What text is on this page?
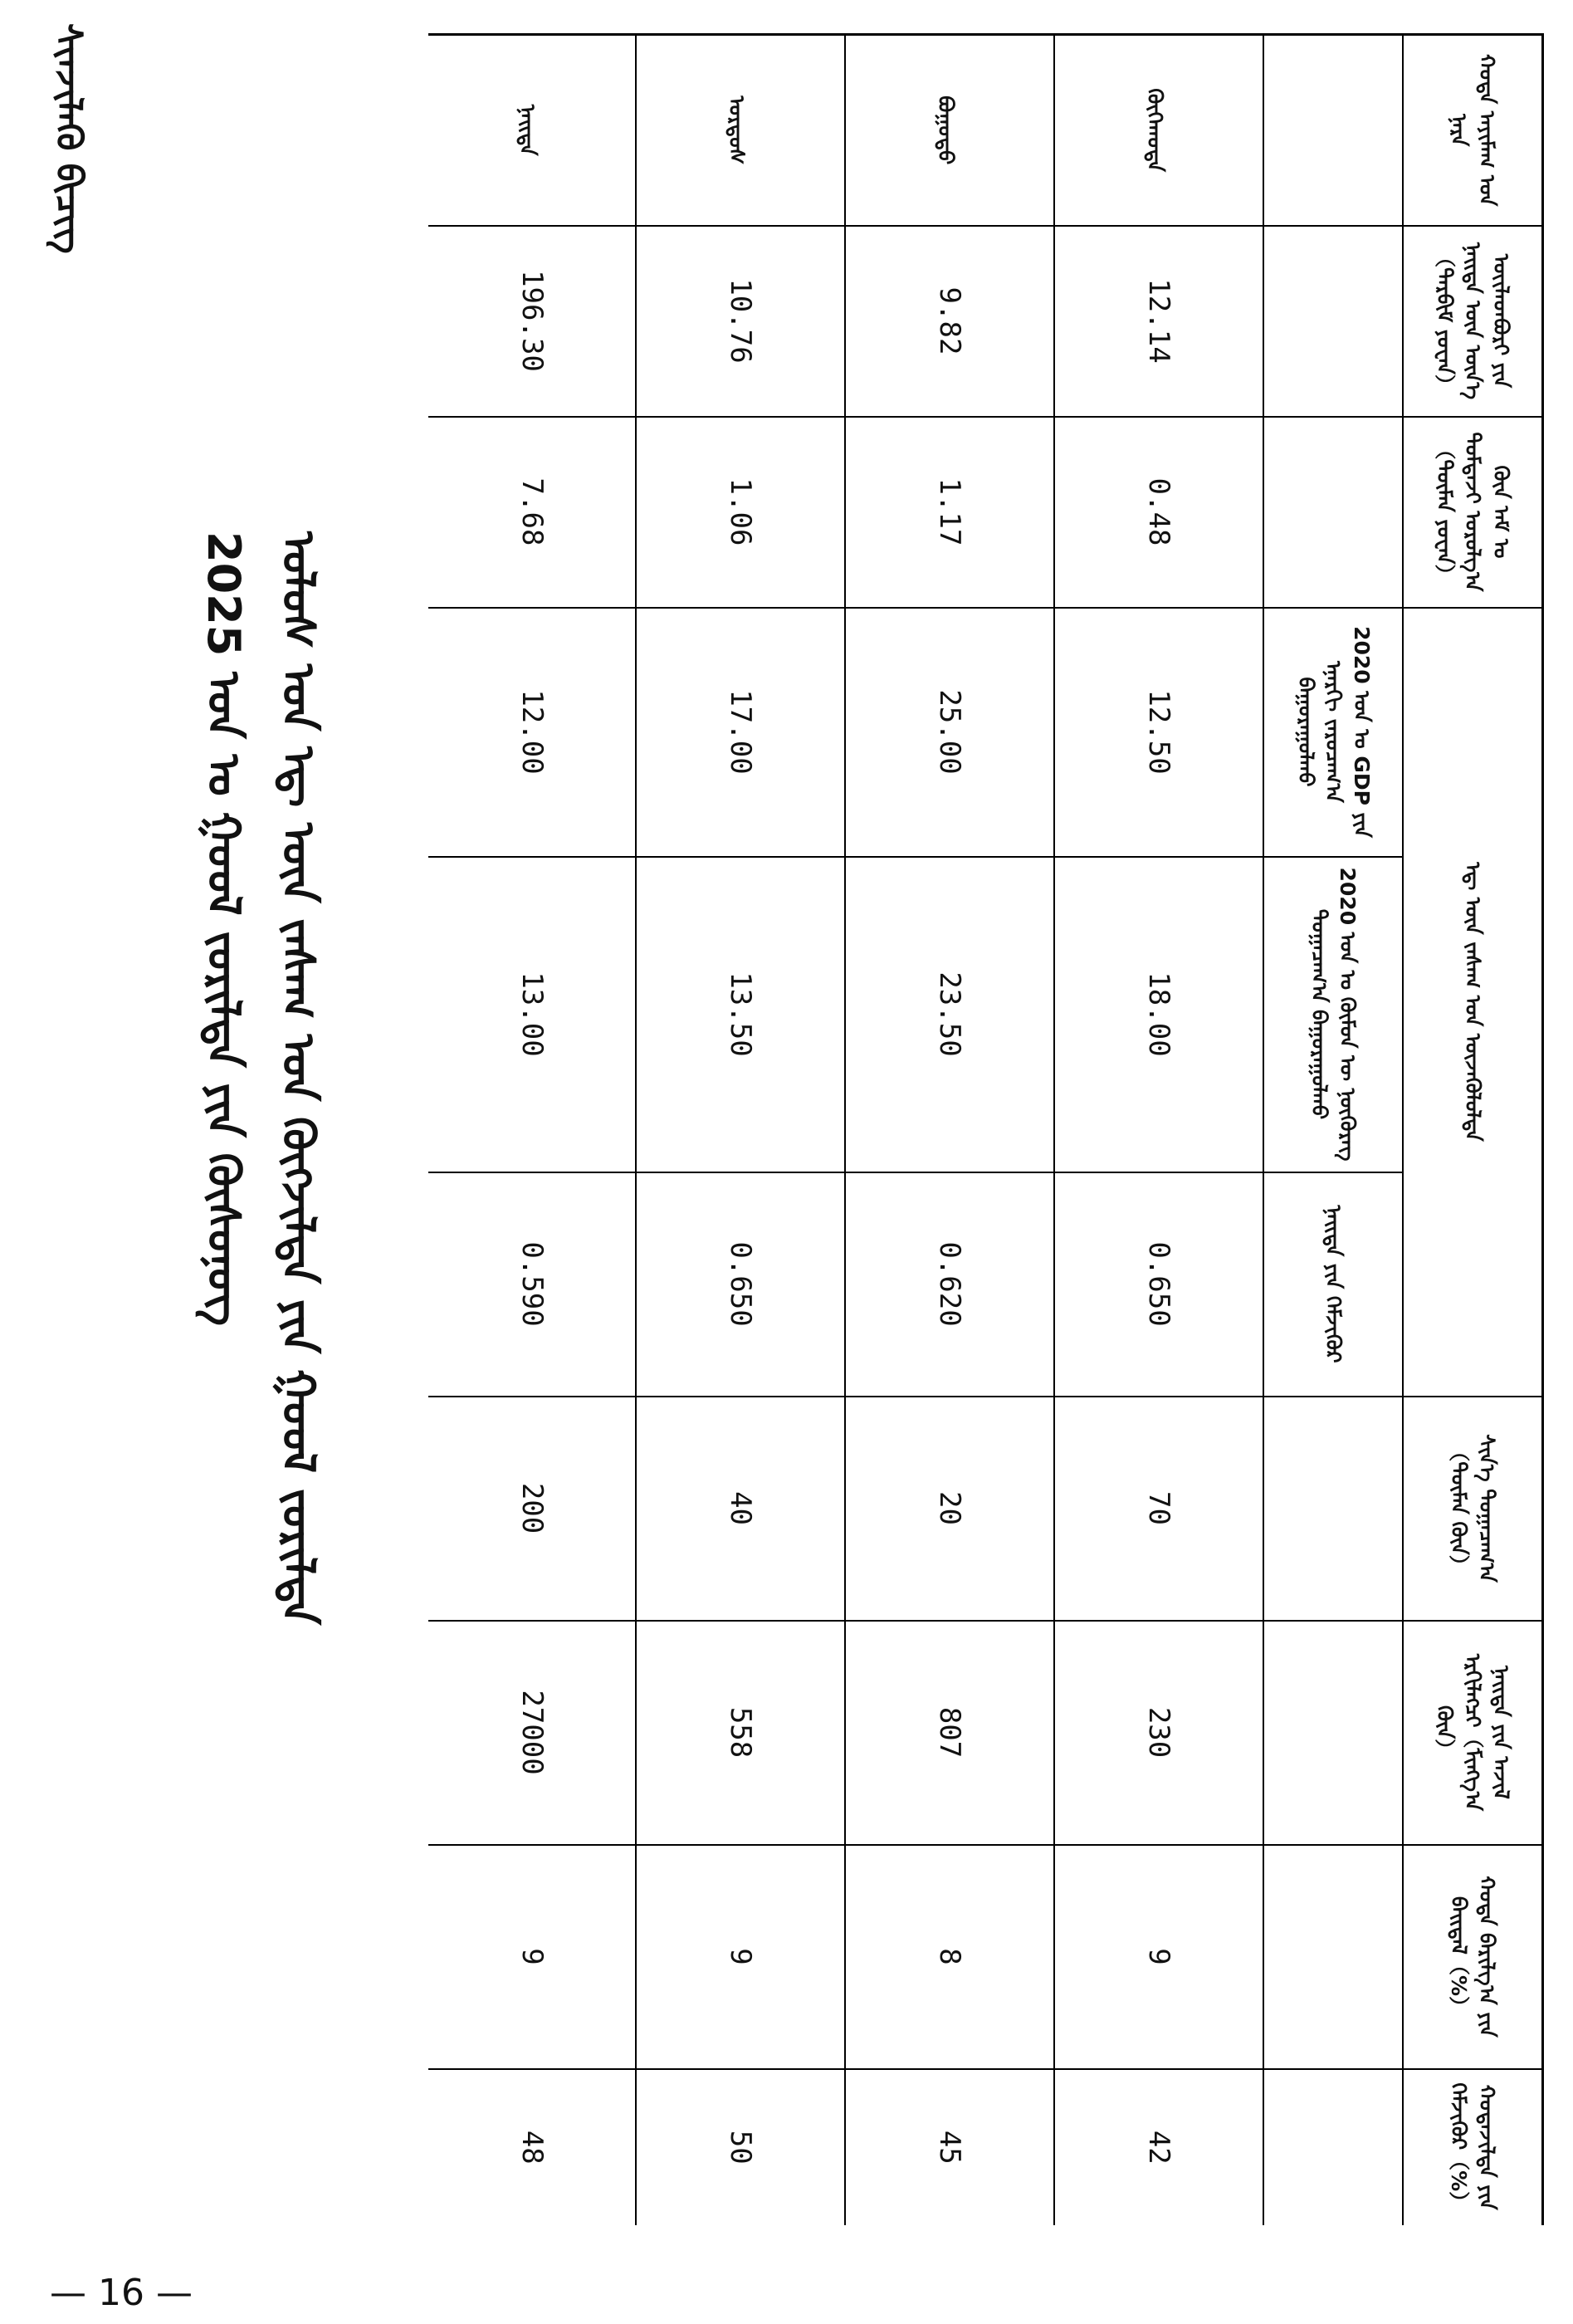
ᠰᠢᠨᠵᠢᠯᠡᠬᠦ ᠪᠢᠴᠢᠭ
ᠤᠯᠤᠰ ᠤᠨ ᠡᠳ᠋ ᠦᠨ ᠵᠠᠰᠠᠭ ᠤᠨ ᠬᠥᠭᠵᠢᠯᠲᠡ ᠶᠢᠨ ᠭᠤᠤᠯ ᠵᠣᠷᠢᠯᠲᠠ
2025 ᠣᠨ ᠤ ᠭᠣᠤᠯ ᠵᠣᠷᠢᠯᠲᠠ ᠶᠢᠨ ᠬᠦᠰᠦᠨᠦᠭ
ᠬᠣᠲᠠ ᠠᠶᠢᠮᠠᠭ ᠤᠨ ᠨᠡᠷᠡ	ᠦᠢᠯᠡᠳᠪᠦᠷᠢ ᠶᠢᠨ ᠨᠡᠢᠲᠡ ᠦᠨ ᠦᠨ᠎ᠡ（ᠲᠡᠷᠪᠢᠮ ᠶᠤᠸᠠᠨ）	ᠬᠦᠨ ᠠᠮ ᠤ ᠳᠤᠮᠳᠠᠵᠢ ᠣᠷᠣᠯᠭ᠎ᠠ（ᠲᠦᠮᠡᠨ ᠶᠤᠸᠠᠨ）	ᠡᠳ᠋ ᠦᠨ ᠵᠠᠰᠠᠭ ᠤᠨ ᠦᠵᠡᠬᠦᠯᠦᠯᠲᠡ			ᠰᠢᠨ᠎ᠡ ᠲᠤᠭᠠᠴᠠᠭ᠎ᠠ（ᠲᠦᠮᠡᠨ ᠬᠦᠨ）	ᠨᠡᠢᠲᠡ ᠶᠢᠨ ᠠᠵᠢᠯ ᠡᠷᠬᠢᠯᠡᠭᠴᠢ（ᠮᠢᠩᠭ᠎ᠠ ᠬᠦᠨ）	ᠬᠣᠲᠠ ᠪᠠᠷᠢᠯᠭ᠎ᠠ ᠶᠢᠨ ᠪᠠᠢᠳᠠᠯ（%）	ᠬᠣᠲᠠᠵᠢᠯᠲᠠ ᠶᠢᠨ ᠬᠡᠮᠵᠢᠭᠦᠷ（%）

			2020 ᠣᠨ ᠤ GDP ᠶᠢᠨ ᠡᠨᠡᠷᠭᠢ ᠵᠠᠷᠤᠴᠠᠭ᠎ᠠ ᠪᠠᠭᠤᠷᠠᠭᠤᠯᠬᠤ	2020 ᠣᠨ ᠤ ᠬᠦᠮᠦᠨ ᠦ ᠨᠦᠭᠦᠷᠡᠭ ᠲᠤᠭᠠᠴᠠᠭ᠎ᠠ ᠪᠠᠭᠤᠷᠠᠭᠤᠯᠬᠤ	ᠨᠡᠢᠲᠡ ᠶᠢᠨ ᠬᠡᠮᠵᠢᠭᠦᠷ				

ᠬᠥᠬᠡᠬᠣᠲᠠ	12.14	0.48	12.50	18.00	0.650	70	230	9	42
ᠪᠤᠭᠤᠲᠤ	9.82	1.17	25.00	23.50	0.620	20	807	8	45
ᠣᠷᠳᠤᠰ	10.76	1.06	17.00	13.50	0.650	40	558	9	50
ᠨᠡᠢᠲᠡ	196.30	7.68	12.00	13.00	0.590	200	27000	9	48
— 16 —
